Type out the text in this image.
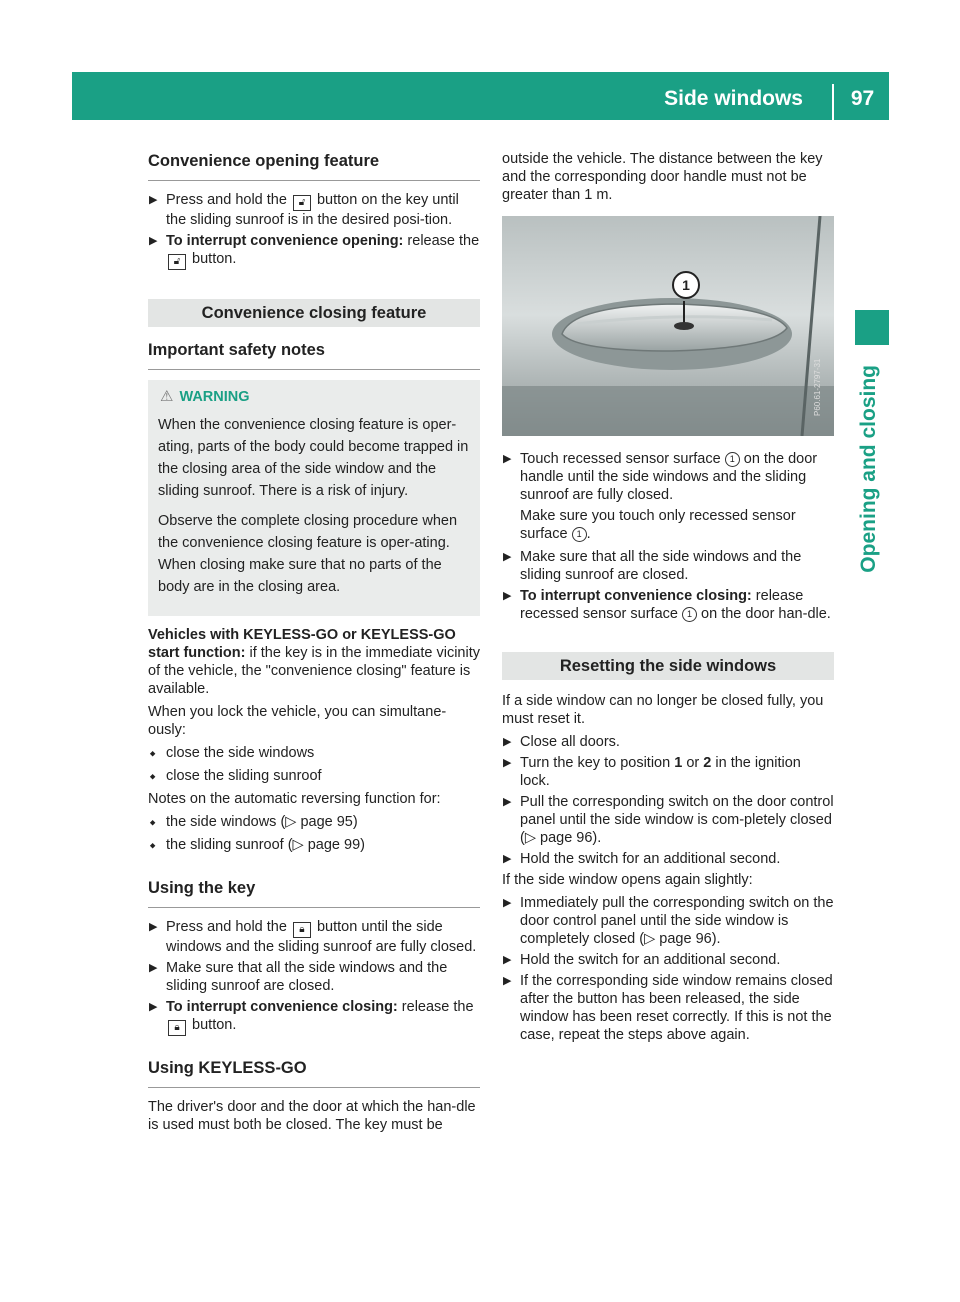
Side windows	97
Opening and closing
Convenience opening feature
▶ Press and hold the 🔓︎ button on the key until the sliding sunroof is in the desired posi-tion.
▶ To interrupt convenience opening: release the 🔓︎ button.
Convenience closing feature
Important safety notes
⚠︎ WARNING

When the convenience closing feature is oper-ating, parts of the body could become trapped in the closing area of the side window and the sliding sunroof. There is a risk of injury.

Observe the complete closing procedure when the convenience closing feature is oper-ating. When closing make sure that no parts of the body are in the closing area.

Vehicles with KEYLESS-GO or KEYLESS-GO start function: if the key is in the immediate vicinity of the vehicle, the "convenience closing" feature is available.
When you lock the vehicle, you can simultane-ously:
■ close the side windows
■ close the sliding sunroof
Notes on the automatic reversing function for:
■ the side windows (▷ page 95)
■ the sliding sunroof (▷ page 99)
Using the key
▶ Press and hold the 🔒︎ button until the side windows and the sliding sunroof are fully closed.
▶ Make sure that all the side windows and the sliding sunroof are closed.
▶ To interrupt convenience closing: release the 🔒︎ button.
Using KEYLESS-GO
The driver's door and the door at which the han-dle is used must both be closed. The key must be
outside the vehicle. The distance between the key and the corresponding door handle must not be greater than 1 m.
1
P60.61-2797-31
▶ Touch recessed sensor surface 1 on the door handle until the side windows and the sliding sunroof are fully closed.
Make sure you touch only recessed sensor surface 1 .
▶ Make sure that all the side windows and the sliding sunroof are closed.
▶ To interrupt convenience closing: release recessed sensor surface 1 on the door han-dle.
Resetting the side windows
If a side window can no longer be closed fully, you must reset it.
▶ Close all doors.
▶ Turn the key to position 1 or 2 in the ignition lock.
▶ Pull the corresponding switch on the door control panel until the side window is com-pletely closed (▷ page 96).
▶ Hold the switch for an additional second.
If the side window opens again slightly:
▶ Immediately pull the corresponding switch on the door control panel until the side window is completely closed (▷ page 96).
▶ Hold the switch for an additional second.
▶ If the corresponding side window remains closed after the button has been released, the side window has been reset correctly. If this is not the case, repeat the steps above again.
